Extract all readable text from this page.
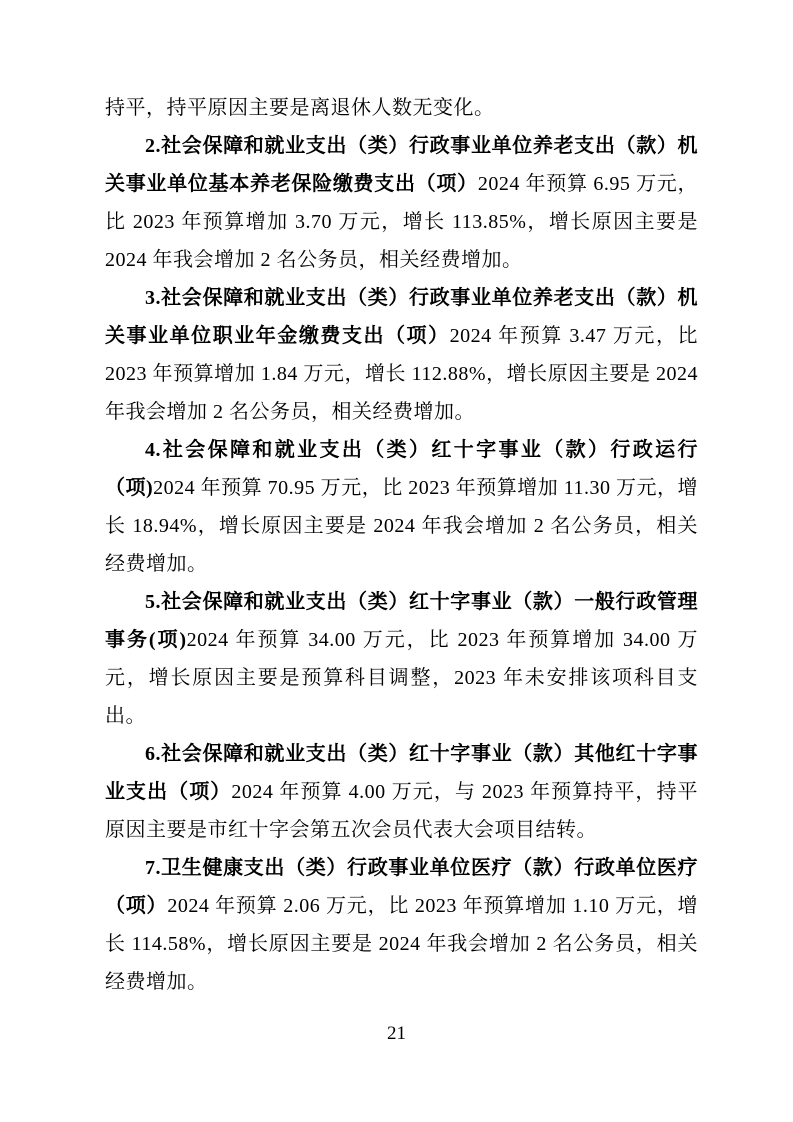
持平，持平原因主要是离退休人数无变化。

2.社会保障和就业支出（类）行政事业单位养老支出（款）机关事业单位基本养老保险缴费支出（项）2024 年预算 6.95 万元，比 2023 年预算增加 3.70 万元，增长 113.85%，增长原因主要是 2024 年我会增加 2 名公务员，相关经费增加。

3.社会保障和就业支出（类）行政事业单位养老支出（款）机关事业单位职业年金缴费支出（项）2024 年预算 3.47 万元，比 2023 年预算增加 1.84 万元，增长 112.88%，增长原因主要是 2024 年我会增加 2 名公务员，相关经费增加。

4.社会保障和就业支出（类）红十字事业（款）行政运行（项)2024 年预算 70.95 万元，比 2023 年预算增加 11.30 万元，增长 18.94%，增长原因主要是 2024 年我会增加 2 名公务员，相关经费增加。

5.社会保障和就业支出（类）红十字事业（款）一般行政管理事务(项)2024 年预算 34.00 万元，比 2023 年预算增加 34.00 万元，增长原因主要是预算科目调整，2023 年未安排该项科目支出。

6.社会保障和就业支出（类）红十字事业（款）其他红十字事业支出（项）2024 年预算 4.00 万元，与 2023 年预算持平，持平原因主要是市红十字会第五次会员代表大会项目结转。

7.卫生健康支出（类）行政事业单位医疗（款）行政单位医疗（项）2024 年预算 2.06 万元，比 2023 年预算增加 1.10 万元，增长 114.58%，增长原因主要是 2024 年我会增加 2 名公务员，相关经费增加。

21
